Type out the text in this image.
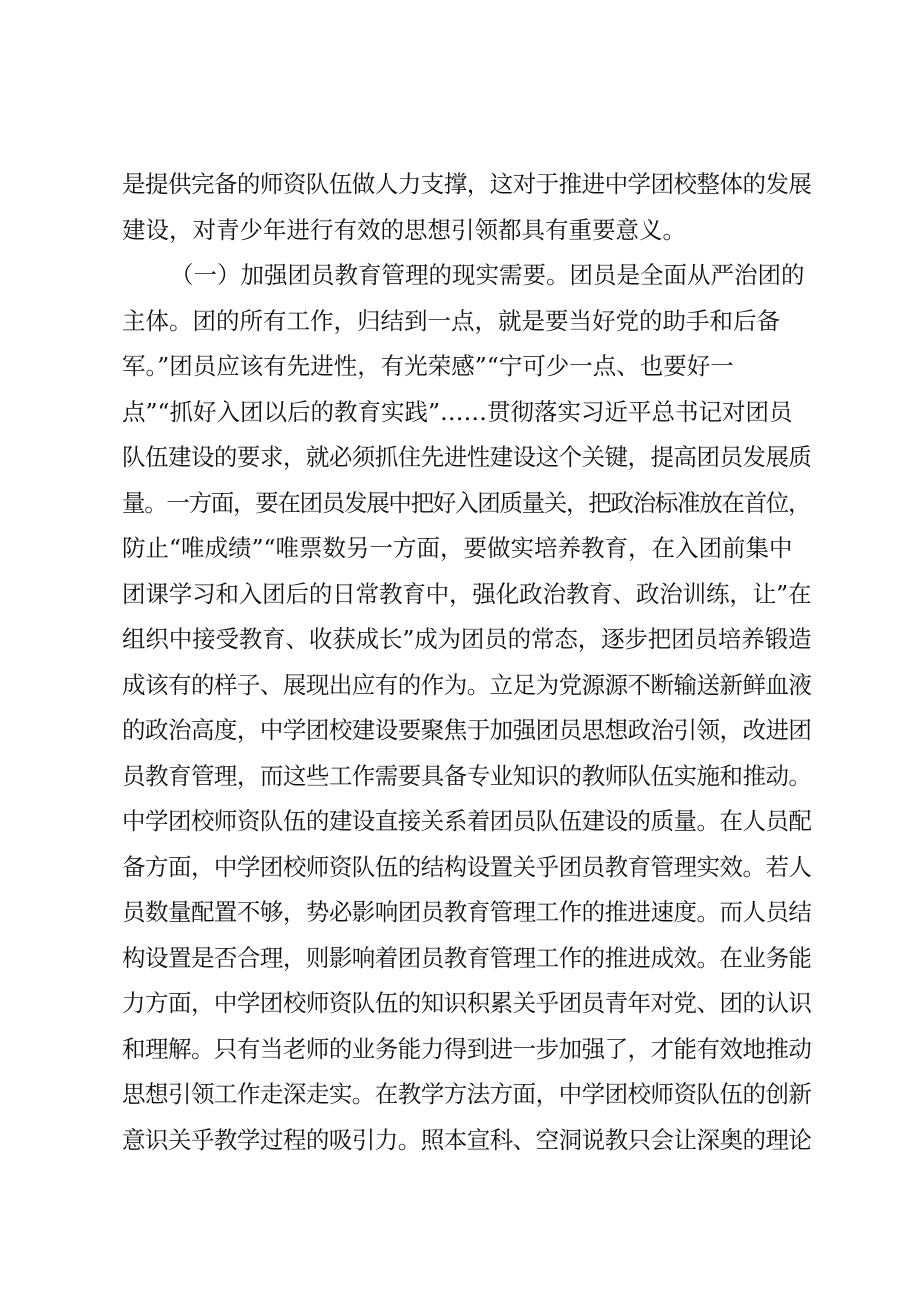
是提供完备的师资队伍做人力支撑，这对于推进中学团校整体的发展
建设，对青少年进行有效的思想引领都具有重要意义。
（一）加强团员教育管理的现实需要。团员是全面从严治团的
主体。团的所有工作，归结到一点，就是要当好党的助手和后备
军。”团员应该有先进性，有光荣感”“宁可少一点、也要好一
点”“抓好入团以后的教育实践”……贯彻落实习近平总书记对团员
队伍建设的要求，就必须抓住先进性建设这个关键，提高团员发展质
量。一方面，要在团员发展中把好入团质量关，把政治标准放在首位，
防止“唯成绩”“唯票数另一方面，要做实培养教育，在入团前集中
团课学习和入团后的日常教育中，强化政治教育、政治训练，让”在
组织中接受教育、收获成长”成为团员的常态，逐步把团员培养锻造
成该有的样子、展现出应有的作为。立足为党源源不断输送新鲜血液
的政治高度，中学团校建设要聚焦于加强团员思想政治引领，改进团
员教育管理，而这些工作需要具备专业知识的教师队伍实施和推动。
中学团校师资队伍的建设直接关系着团员队伍建设的质量。在人员配
备方面，中学团校师资队伍的结构设置关乎团员教育管理实效。若人
员数量配置不够，势必影响团员教育管理工作的推进速度。而人员结
构设置是否合理，则影响着团员教育管理工作的推进成效。在业务能
力方面，中学团校师资队伍的知识积累关乎团员青年对党、团的认识
和理解。只有当老师的业务能力得到进一步加强了，才能有效地推动
思想引领工作走深走实。在教学方法方面，中学团校师资队伍的创新
意识关乎教学过程的吸引力。照本宣科、空洞说教只会让深奥的理论
